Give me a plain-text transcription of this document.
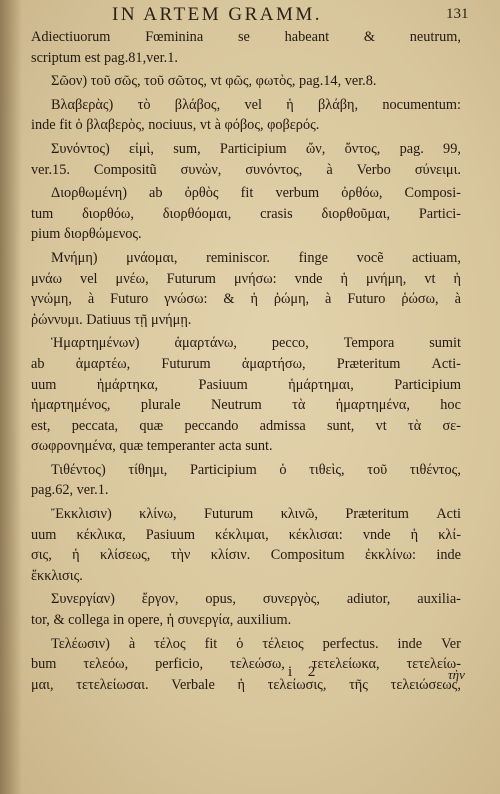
IN ARTEM GRAMM.	131
Adiectiuorum Fœminina se habeant & neutrum,
scriptum est pag.81,ver.1.
Σῶον) τοῦ σῶς, τοῦ σῶτος, vt φῶς, φωτὸς, pag.14, ver.8.
Βλαβερὰς) τὸ βλάβος, vel ἡ βλάβη, nocumentum:
inde fit ὁ βλαβερὸς, nociuus, vt à φόβος, φοβερός.
Συνόντος) εἰμὶ, sum, Participium ὤν, ὄντος, pag. 99,
ver.15. Compositũ συνὼν, συνόντος, à Verbo σύνειμι.
Διορθωμένη) ab ὀρθὸς fit verbum ὀρθόω, Composi-
tum διορθόω, διορθόομαι, crasis διορθοῦμαι, Partici-
pium διορθώμενος.
Μνήμη) μνάομαι, reminiscor. finge vocẽ actiuam,
μνάω vel μνέω, Futurum μνήσω: vnde ἡ μνήμη, vt ἡ
γνώμη, à Futuro γνώσω: & ἡ ῥώμη, à Futuro ῥώσω, à
ῥώννυμι. Datiuus τῇ μνήμῃ.
Ἡμαρτημένων) ἁμαρτάνω, pecco, Tempora sumit
ab ἁμαρτέω, Futurum ἁμαρτήσω, Præteritum Acti-
uum	ἡμάρτηκα,	Pasiuum	ἡμάρτημαι,	Participium
ἡμαρτημένος, plurale Neutrum τὰ ἡμαρτημένα, hoc
est, peccata, quæ peccando admissa sunt, vt τὰ σε-
σωφρονημένα, quæ temperanter acta sunt.
Τιθέντος) τίθημι, Participium ὁ τιθεὶς, τοῦ τιθέντος,
pag.62, ver.1.
Ἔκκλισιν) κλίνω, Futurum κλινῶ, Præteritum Acti
uum κέκλικα, Pasiuum κέκλιμαι, κέκλισαι: vnde ἡ κλί-
σις, ἡ κλίσεως, τὴν κλίσιν. Compositum ἐκκλίνω: inde
ἔκκλισις.
Συνεργίαν) ἔργον, opus, συνεργὸς, adiutor, auxilia-
tor, & collega in opere, ἡ συνεργία, auxilium.
Τελέωσιν) à τέλος fit ὁ τέλειος perfectus. inde Ver
bum τελεόω, perficio, τελεώσω, τετελείωκα, τετελείω-
μαι, τετελείωσαι. Verbale ἡ τελείωσις, τῆς τελειώσεως,
i 2	τὴν
